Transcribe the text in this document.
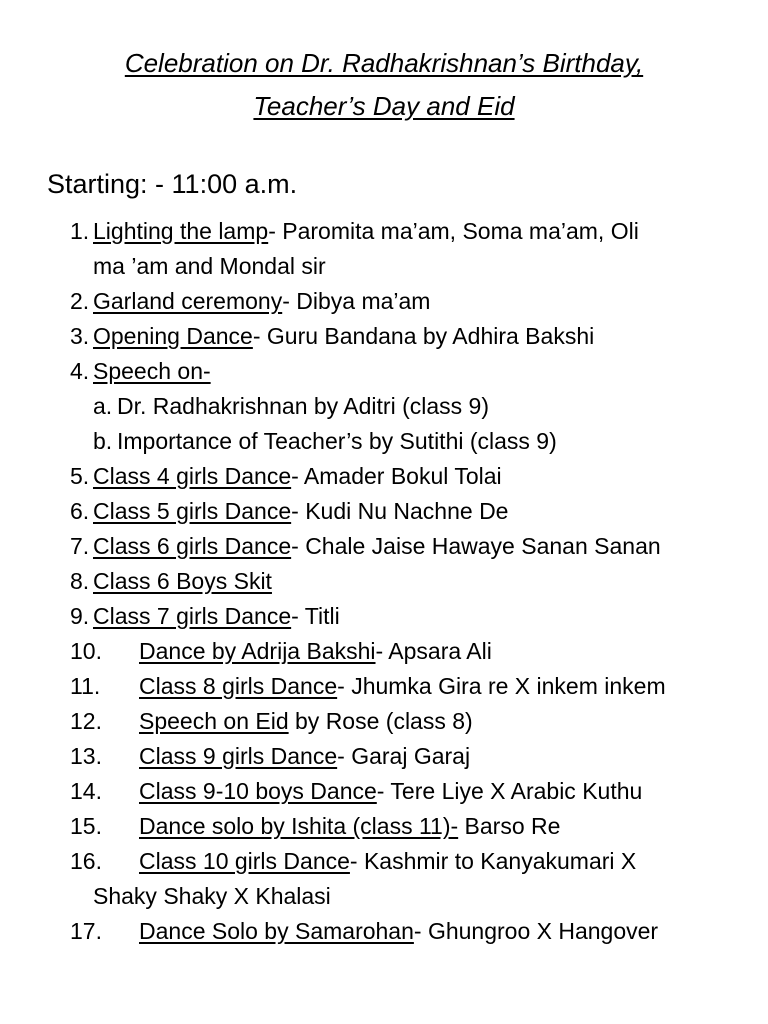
Celebration on Dr. Radhakrishnan’s Birthday,
Teacher’s Day and Eid
Starting: - 11:00 a.m.
1. Lighting the lamp- Paromita ma’am, Soma ma’am, Oli
ma ’am and Mondal sir
2. Garland ceremony- Dibya ma’am
3. Opening Dance- Guru Bandana by Adhira Bakshi
4. Speech on-
a. Dr. Radhakrishnan by Aditri (class 9)
b. Importance of Teacher’s by Sutithi (class 9)
5. Class 4 girls Dance- Amader Bokul Tolai
6. Class 5 girls Dance- Kudi Nu Nachne De
7. Class 6 girls Dance- Chale Jaise Hawaye Sanan Sanan
8. Class 6 Boys Skit
9. Class 7 girls Dance- Titli
10. Dance by Adrija Bakshi- Apsara Ali
11. Class 8 girls Dance- Jhumka Gira re X inkem inkem
12. Speech on Eid by Rose (class 8)
13. Class 9 girls Dance- Garaj Garaj
14. Class 9-10 boys Dance- Tere Liye X Arabic Kuthu
15. Dance solo by Ishita (class 11)- Barso Re
16. Class 10 girls Dance- Kashmir to Kanyakumari X
Shaky Shaky X Khalasi
17. Dance Solo by Samarohan- Ghungroo X Hangover
